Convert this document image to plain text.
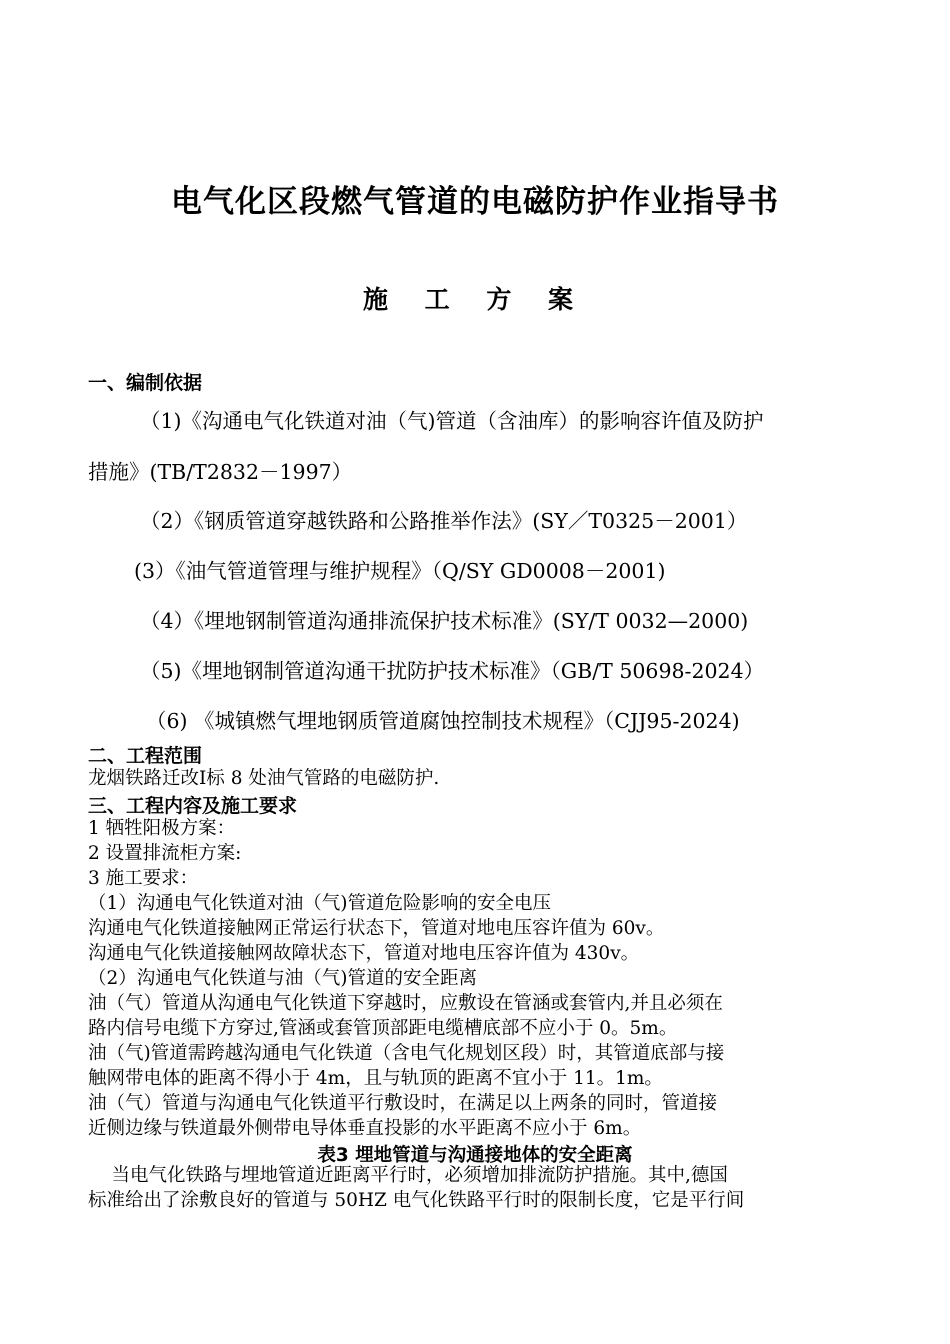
电气化区段燃气管道的电磁防护作业指导书
施 工 方 案
一、编制依据
（1)《沟通电气化铁道对油（气)管道（含油库）的影响容许值及防护
措施》(TB/T2832－1997）
（2）《钢质管道穿越铁路和公路推举作法》(SY／T0325－2001）
(3）《油气管道管理与维护规程》（Q/SY GD0008－2001)
（4）《埋地钢制管道沟通排流保护技术标准》(SY/T 0032—2000)
（5)《埋地钢制管道沟通干扰防护技术标准》（GB/T 50698-2024）
（6) 《城镇燃气埋地钢质管道腐蚀控制技术规程》（CJJ95-2024)
二、工程范围
龙烟铁路迁改I标 8 处油气管路的电磁防护.
三、工程内容及施工要求
1 牺牲阳极方案：
2 设置排流柜方案:
3 施工要求：
（1）沟通电气化铁道对油（气)管道危险影响的安全电压
沟通电气化铁道接触网正常运行状态下，管道对地电压容许值为 60v。
沟通电气化铁道接触网故障状态下，管道对地电压容许值为 430v。
（2）沟通电气化铁道与油（气)管道的安全距离
油（气）管道从沟通电气化铁道下穿越时，应敷设在管涵或套管内,并且必须在
路内信号电缆下方穿过,管涵或套管顶部距电缆槽底部不应小于 0。5m。
油（气)管道需跨越沟通电气化铁道（含电气化规划区段）时，其管道底部与接
触网带电体的距离不得小于 4m，且与轨顶的距离不宜小于 11。1m。
油（气）管道与沟通电气化铁道平行敷设时，在满足以上两条的同时，管道接
近侧边缘与铁道最外侧带电导体垂直投影的水平距离不应小于 6m。
表3 埋地管道与沟通接地体的安全距离
当电气化铁路与埋地管道近距离平行时，必须增加排流防护措施。其中,德国
标准给出了涂敷良好的管道与 50HZ 电气化铁路平行时的限制长度，它是平行间
